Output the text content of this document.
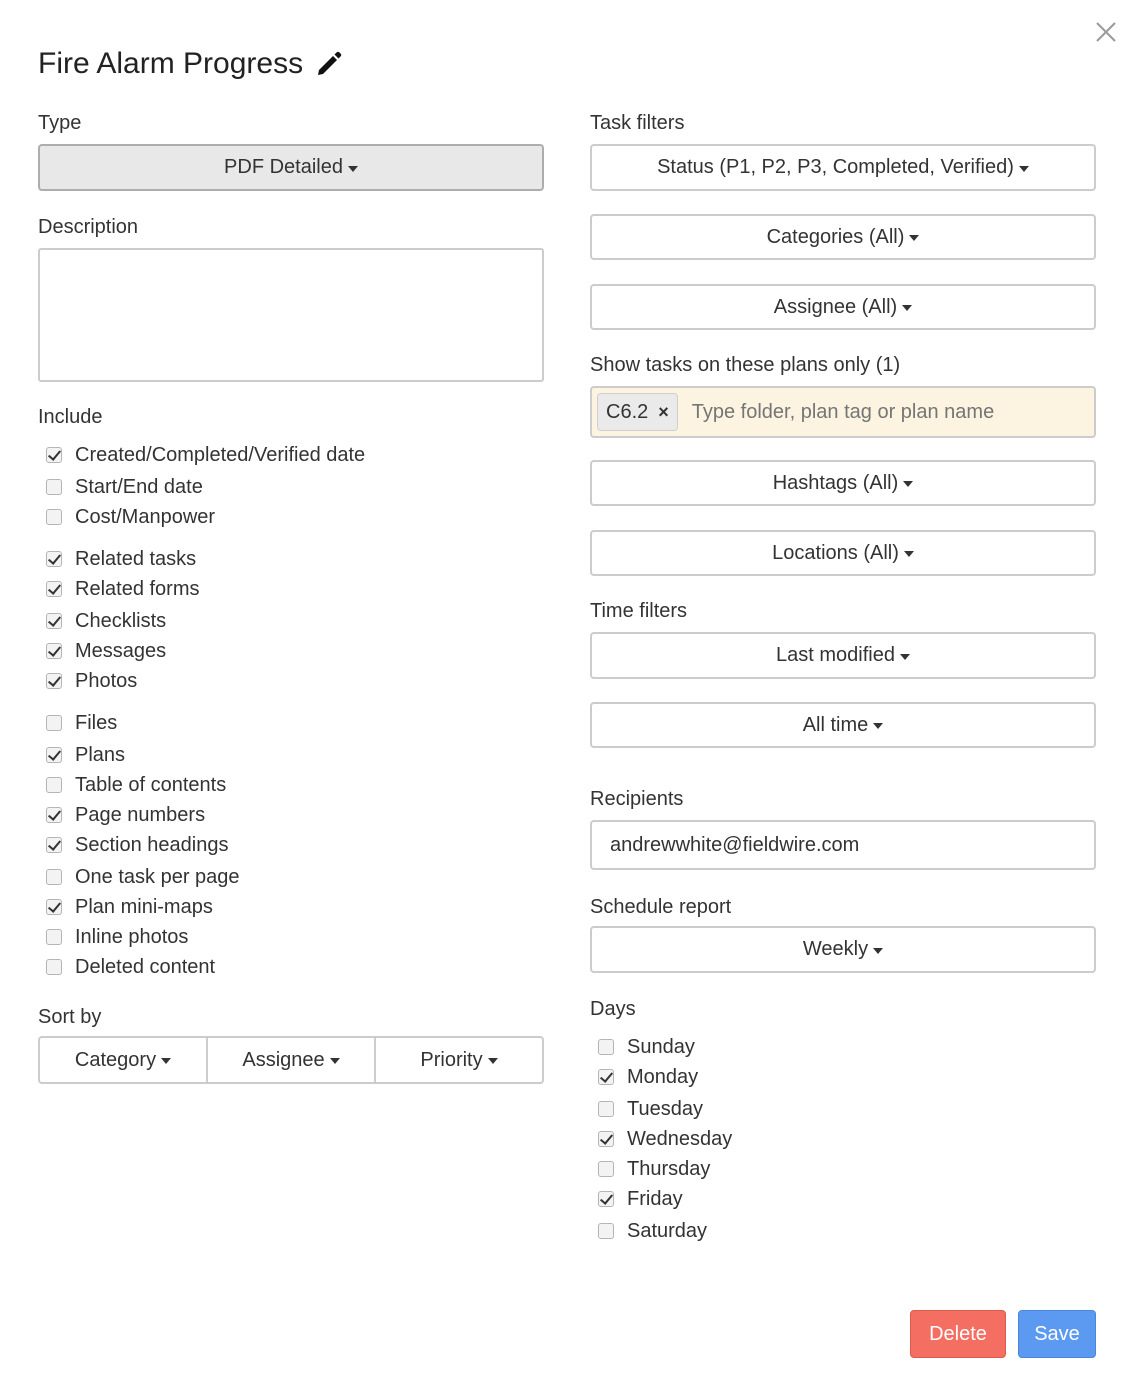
Fire Alarm Progress
Type
PDF Detailed
Description
Include
Created/Completed/Verified date
Start/End date
Cost/Manpower
Related tasks
Related forms
Checklists
Messages
Photos
Files
Plans
Table of contents
Page numbers
Section headings
One task per page
Plan mini-maps
Inline photos
Deleted content
Sort by
Category	Assignee	Priority
Task filters
Status (P1, P2, P3, Completed, Verified)
Categories (All)
Assignee (All)
Show tasks on these plans only (1)
C6.2 ×
Type folder, plan tag or plan name
Hashtags (All)
Locations (All)
Time filters
Last modified
All time
Recipients
andrewwhite@fieldwire.com
Schedule report
Weekly
Days
Sunday
Monday
Tuesday
Wednesday
Thursday
Friday
Saturday
Delete	Save
